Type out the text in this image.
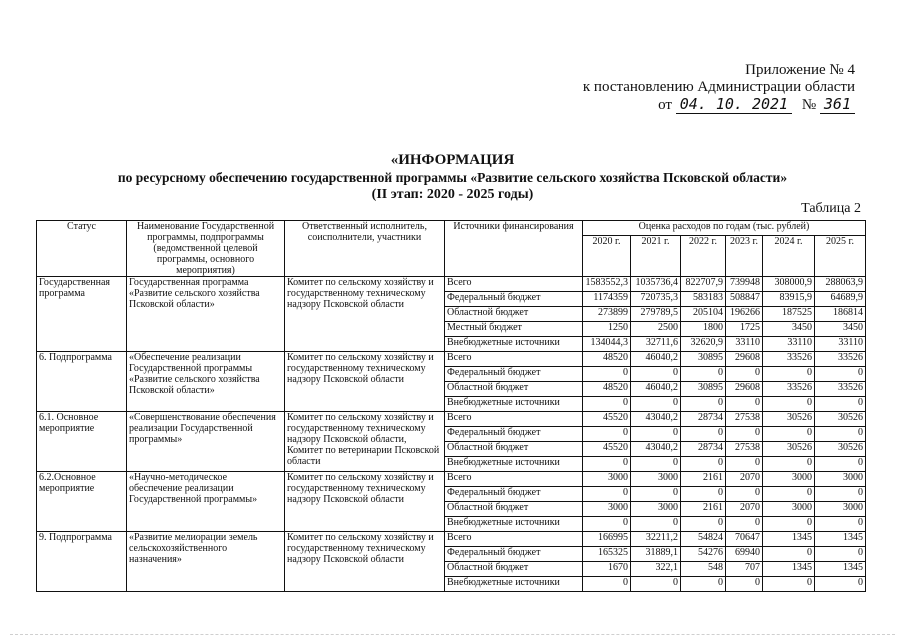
Приложение № 4
к постановлению Администрации области
от 04. 10. 2021 № 361
«ИНФОРМАЦИЯ
по ресурсному обеспечению государственной программы «Развитие сельского хозяйства Псковской области»
(II этап: 2020 - 2025 годы)
Таблица 2
Статус	Наименование Государственной программы, подпрограммы (ведомственной целевой программы, основного мероприятия)	Ответственный исполнитель, соисполнители, участники	Источники финансирования	Оценка расходов по годам (тыс. рублей)					
				2020 г.	2021 г.	2022 г.	2023 г.	2024 г.	2025 г.
Государственная программа	Государственная программа «Развитие сельского хозяйства Псковской области»	Комитет по сельскому хозяйству и государственному техническому надзору Псковской области	Всего	1583552,3	1035736,4	822707,9	739948	308000,9	288063,9
			Федеральный бюджет	1174359	720735,3	583183	508847	83915,9	64689,9
			Областной бюджет	273899	279789,5	205104	196266	187525	186814
			Местный бюджет	1250	2500	1800	1725	3450	3450
			Внебюджетные источники	134044,3	32711,6	32620,9	33110	33110	33110
6. Подпрограмма	«Обеспечение реализации Государственной программы «Развитие сельского хозяйства Псковской области»	Комитет по сельскому хозяйству и государственному техническому надзору Псковской области	Всего	48520	46040,2	30895	29608	33526	33526
			Федеральный бюджет	0	0	0	0	0	0
			Областной бюджет	48520	46040,2	30895	29608	33526	33526
			Внебюджетные источники	0	0	0	0	0	0
6.1. Основное мероприятие	«Совершенствование обеспечения реализации Государственной программы»	Комитет по сельскому хозяйству и государственному техническому надзору Псковской области, Комитет по ветеринарии Псковской области	Всего	45520	43040,2	28734	27538	30526	30526
			Федеральный бюджет	0	0	0	0	0	0
			Областной бюджет	45520	43040,2	28734	27538	30526	30526
			Внебюджетные источники	0	0	0	0	0	0
6.2.Основное мероприятие	«Научно-методическое обеспечение реализации Государственной программы»	Комитет по сельскому хозяйству и государственному техническому надзору Псковской области	Всего	3000	3000	2161	2070	3000	3000
			Федеральный бюджет	0	0	0	0	0	0
			Областной бюджет	3000	3000	2161	2070	3000	3000
			Внебюджетные источники	0	0	0	0	0	0
9. Подпрограмма	«Развитие мелиорации земель сельскохозяйственного назначения»	Комитет по сельскому хозяйству и государственному техническому надзору Псковской области	Всего	166995	32211,2	54824	70647	1345	1345
			Федеральный бюджет	165325	31889,1	54276	69940	0	0
			Областной бюджет	1670	322,1	548	707	1345	1345
			Внебюджетные источники	0	0	0	0	0	0
